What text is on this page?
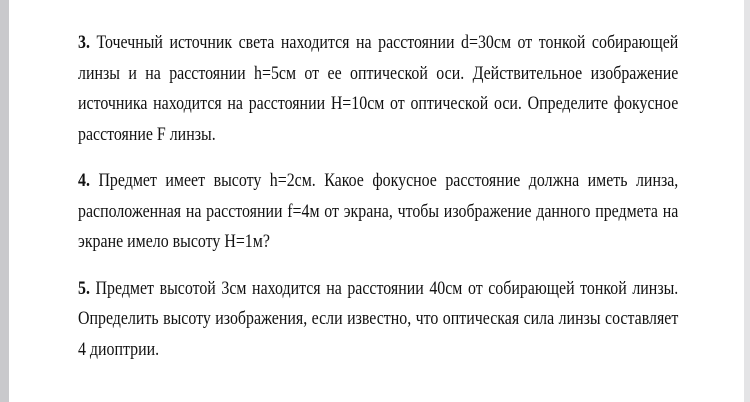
3. Точечный источник света находится на расстоянии d=30см от тонкой собирающей линзы и на расстоянии h=5см от ее оптической оси. Действительное изображение источника находится на расстоянии H=10см от оптической оси. Определите фокусное расстояние F линзы.

4. Предмет имеет высоту h=2см. Какое фокусное расстояние должна иметь линза, расположенная на расстоянии f=4м от экрана, чтобы изображение данного предмета на экране имело высоту H=1м?

5. Предмет высотой 3см находится на расстоянии 40см от собирающей тонкой линзы. Определить высоту изображения, если известно, что оптическая сила линзы составляет 4 диоптрии.
